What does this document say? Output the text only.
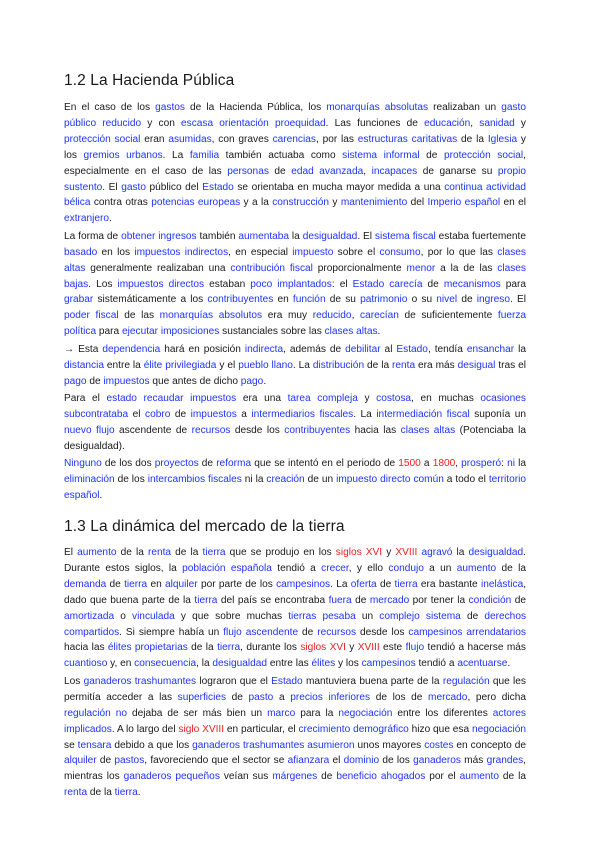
1.2 La Hacienda Pública

En el caso de los gastos de la Hacienda Pública, los monarquías absolutas realizaban un gasto público reducido y con escasa orientación proequidad. Las funciones de educación, sanidad y protección social eran asumidas, con graves carencias, por las estructuras caritativas de la Iglesia y los gremios urbanos. La familia también actuaba como sistema informal de protección social, especialmente en el caso de las personas de edad avanzada, incapaces de ganarse su propio sustento. El gasto público del Estado se orientaba en mucha mayor medida a una continua actividad bélica contra otras potencias europeas y a la construcción y mantenimiento del Imperio español en el extranjero.

La forma de obtener ingresos también aumentaba la desigualdad. El sistema fiscal estaba fuertemente basado en los impuestos indirectos, en especial impuesto sobre el consumo, por lo que las clases altas generalmente realizaban una contribución fiscal proporcionalmente menor a la de las clases bajas. Los impuestos directos estaban poco implantados: el Estado carecía de mecanismos para grabar sistemáticamente a los contribuyentes en función de su patrimonio o su nivel de ingreso. El poder fiscal de las monarquías absolutos era muy reducido, carecían de suficientemente fuerza política para ejecutar imposiciones sustanciales sobre las clases altas.

→ Esta dependencia hará en posición indirecta, además de debilitar al Estado, tendía ensanchar la distancia entre la élite privilegiada y el pueblo llano. La distribución de la renta era más desigual tras el pago de impuestos que antes de dicho pago.

Para el estado recaudar impuestos era una tarea compleja y costosa, en muchas ocasiones subcontrataba el cobro de impuestos a intermediarios fiscales. La intermediación fiscal suponía un nuevo flujo ascendente de recursos desde los contribuyentes hacia las clases altas (Potenciaba la desigualdad).

Ninguno de los dos proyectos de reforma que se intentó en el periodo de 1500 a 1800, prosperó: ni la eliminación de los intercambios fiscales ni la creación de un impuesto directo común a todo el territorio español.

1.3 La dinámica del mercado de la tierra

El aumento de la renta de la tierra que se produjo en los siglos XVI y XVIII agravó la desigualdad. Durante estos siglos, la población española tendió a crecer, y ello condujo a un aumento de la demanda de tierra en alquiler por parte de los campesinos. La oferta de tierra era bastante inelástica, dado que buena parte de la tierra del país se encontraba fuera de mercado por tener la condición de amortizada o vinculada y que sobre muchas tierras pesaba un complejo sistema de derechos compartidos. Si siempre había un flujo ascendente de recursos desde los campesinos arrendatarios hacia las élites propietarias de la tierra, durante los siglos XVI y XVIII este flujo tendió a hacerse más cuantioso y, en consecuencia, la desigualdad entre las élites y los campesinos tendió a acentuarse.

Los ganaderos trashumantes lograron que el Estado mantuviera buena parte de la regulación que les permitía acceder a las superficies de pasto a precios inferiores de los de mercado, pero dicha regulación no dejaba de ser más bien un marco para la negociación entre los diferentes actores implicados. A lo largo del siglo XVIII en particular, el crecimiento demográfico hizo que esa negociación se tensara debido a que los ganaderos trashumantes asumieron unos mayores costes en concepto de alquiler de pastos, favoreciendo que el sector se afianzara el dominio de los ganaderos más grandes, mientras los ganaderos pequeños veían sus márgenes de beneficio ahogados por el aumento de la renta de la tierra.
